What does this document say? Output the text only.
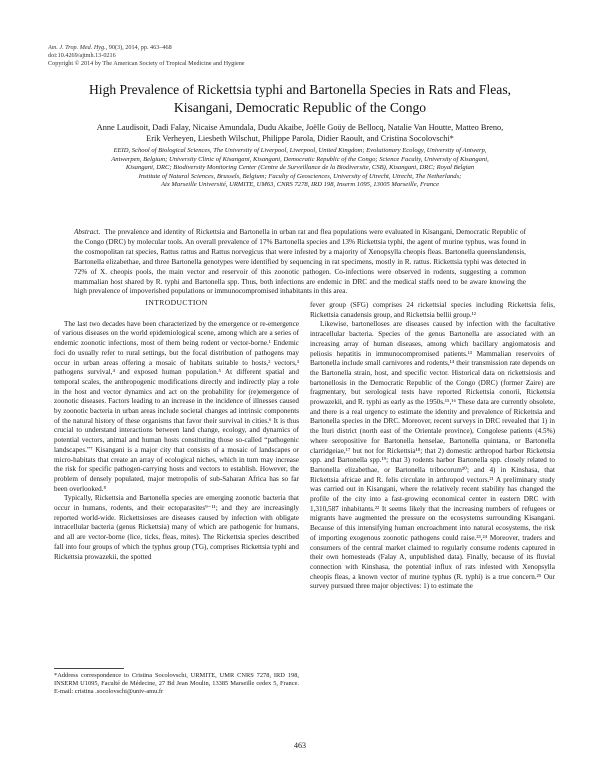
Am. J. Trop. Med. Hyg., 90(3), 2014, pp. 463–468
doi:10.4269/ajtmh.13-0216
Copyright © 2014 by The American Society of Tropical Medicine and Hygiene
High Prevalence of Rickettsia typhi and Bartonella Species in Rats and Fleas,
Kisangani, Democratic Republic of the Congo
Anne Laudisoit, Dadi Falay, Nicaise Amundala, Dudu Akaibe, Joëlle Goüy de Bellocq, Natalie Van Houtte, Matteo Breno,
Erik Verheyen, Liesbeth Wilschut, Philippe Parola, Didier Raoult, and Cristina Socolovschi*
EEID, School of Biological Sciences, The University of Liverpool, Liverpool, United Kingdom; Evolutionary Ecology, University of Antwerp,
Antwerpen, Belgium; University Clinic of Kisangani, Kisangani, Democratic Republic of the Congo; Science Faculty, University of Kisangani,
Kisangani, DRC; Biodiversity Monitoring Center (Centre de Surveillance de la Biodiversite, CSB), Kisangani, DRC; Royal Belgian
Institute of Natural Sciences, Brussels, Belgium; Faculty of Geosciences, University of Utrecht, Utrecht, The Netherlands;
Aix Marseille Université, URMITE, UM63, CNRS 7278, IRD 198, Inserm 1095, 13005 Marseille, France
Abstract. The prevalence and identity of Rickettsia and Bartonella in urban rat and flea populations were evaluated in Kisangani, Democratic Republic of the Congo (DRC) by molecular tools. An overall prevalence of 17% Bartonella species and 13% Rickettsia typhi, the agent of murine typhus, was found in the cosmopolitan rat species, Rattus rattus and Rattus norvegicus that were infested by a majority of Xenopsylla cheopis fleas. Bartonella queenslandensis, Bartonella elizabethae, and three Bartonella genotypes were identified by sequencing in rat specimens, mostly in R. rattus. Rickettsia typhi was detected in 72% of X. cheopis pools, the main vector and reservoir of this zoonotic pathogen. Co-infections were observed in rodents, suggesting a common mammalian host shared by R. typhi and Bartonella spp. Thus, both infections are endemic in DRC and the medical staffs need to be aware knowing the high prevalence of impoverished populations or immunocompromised inhabitants in this area.
INTRODUCTION

The last two decades have been characterized by the emergence or re-emergence of various diseases on the world epidemiological scene, among which are a series of endemic zoonotic infections, most of them being rodent or vector-borne.¹ Endemic foci do usually refer to rural settings, but the focal distribution of pathogens may occur in urban areas offering a mosaic of habitats suitable to hosts,² vectors,³ pathogens survival,⁴ and exposed human population.⁵ At different spatial and temporal scales, the anthropogenic modifications directly and indirectly play a role in the host and vector dynamics and act on the probability for (re)emergence of zoonotic diseases. Factors leading to an increase in the incidence of illnesses caused by zoonotic bacteria in urban areas include societal changes ad intrinsic components of the natural history of these organisms that favor their survival in cities.⁶ It is thus crucial to understand interactions between land change, ecology, and dynamics of potential vectors, animal and human hosts constituting those so-called “pathogenic landscapes.”⁷ Kisangani is a major city that consists of a mosaic of landscapes or micro-habitats that create an array of ecological niches, which in turn may increase the risk for specific pathogen-carrying hosts and vectors to establish. However, the problem of densely populated, major metropolis of sub-Saharan Africa has so far been overlooked.⁸

Typically, Rickettsia and Bartonella species are emerging zoonotic bacteria that occur in humans, rodents, and their ectoparasites⁹⁻¹¹; and they are increasingly reported world-wide. Rickettsioses are diseases caused by infection with obligate intracellular bacteria (genus Rickettsia) many of which are pathogenic for humans, and all are vector-borne (lice, ticks, fleas, mites). The Rickettsia species described fall into four groups of which the typhus group (TG), comprises Rickettsia typhi and Rickettsia prowazekii, the spotted

fever group (SFG) comprises 24 rickettsial species including Rickettsia felis, Rickettsia canadensis group, and Rickettsia bellii group.¹²

Likewise, bartonelloses are diseases caused by infection with the facultative intracellular bacteria. Species of the genus Bartonella are associated with an increasing array of human diseases, among which bacillary angiomatosis and peliosis hepatitis in immunocompromised patients.¹³ Mammalian reservoirs of Bartonella include small carnivores and rodents,¹⁴ their transmission rate depends on the Bartonella strain, host, and specific vector. Historical data on rickettsiosis and bartonellosis in the Democratic Republic of the Congo (DRC) (former Zaire) are fragmentary, but serological tests have reported Rickettsia conorii, Rickettsia prowazekii, and R. typhi as early as the 1950s.¹⁵,¹⁶ These data are currently obsolete, and there is a real urgency to estimate the identity and prevalence of Rickettsia and Bartonella species in the DRC. Moreover, recent surveys in DRC revealed that 1) in the Ituri district (north east of the Orientale province), Congolese patients (4.5%) where seropositive for Bartonella henselae, Bartonella quintana, or Bartonella clarridgeiae,¹⁷ but not for Rickettsia¹⁸; that 2) domestic arthropod harbor Rickettsia spp. and Bartonella spp.¹⁹; that 3) rodents harbor Bartonella spp. closely related to Bartonella elizabethae, or Bartonella tribocorum²⁰; and 4) in Kinshasa, that Rickettsia africae and R. felis circulate in arthropod vectors.²¹ A preliminary study was carried out in Kisangani, where the relatively recent stability has changed the profile of the city into a fast-growing economical center in eastern DRC with 1,310,587 inhabitants.²² It seems likely that the increasing numbers of refugees or migrants have augmented the pressure on the ecosystems surrounding Kisangani. Because of this intensifying human encroachment into natural ecosystems, the risk of importing exogenous zoonotic pathogens could raise.²³,²⁴ Moreover, traders and consumers of the central market claimed to regularly consume rodents captured in their own homesteads (Falay A, unpublished data). Finally, because of its fluvial connection with Kinshasa, the potential influx of rats infested with Xenopsylla cheopis fleas, a known vector of murine typhus (R. typhi) is a true concern.²⁵ Our survey pursued three major objectives: 1) to estimate the

*Address correspondence to Cristina Socolovschi, URMITE, UMR CNRS 7278, IRD 198, INSERM U1095, Faculté de Médecine, 27 Bd Jean Moulin, 13385 Marseille cedex 5, France. E-mail: cristina .socolovschi@univ-amu.fr
463
